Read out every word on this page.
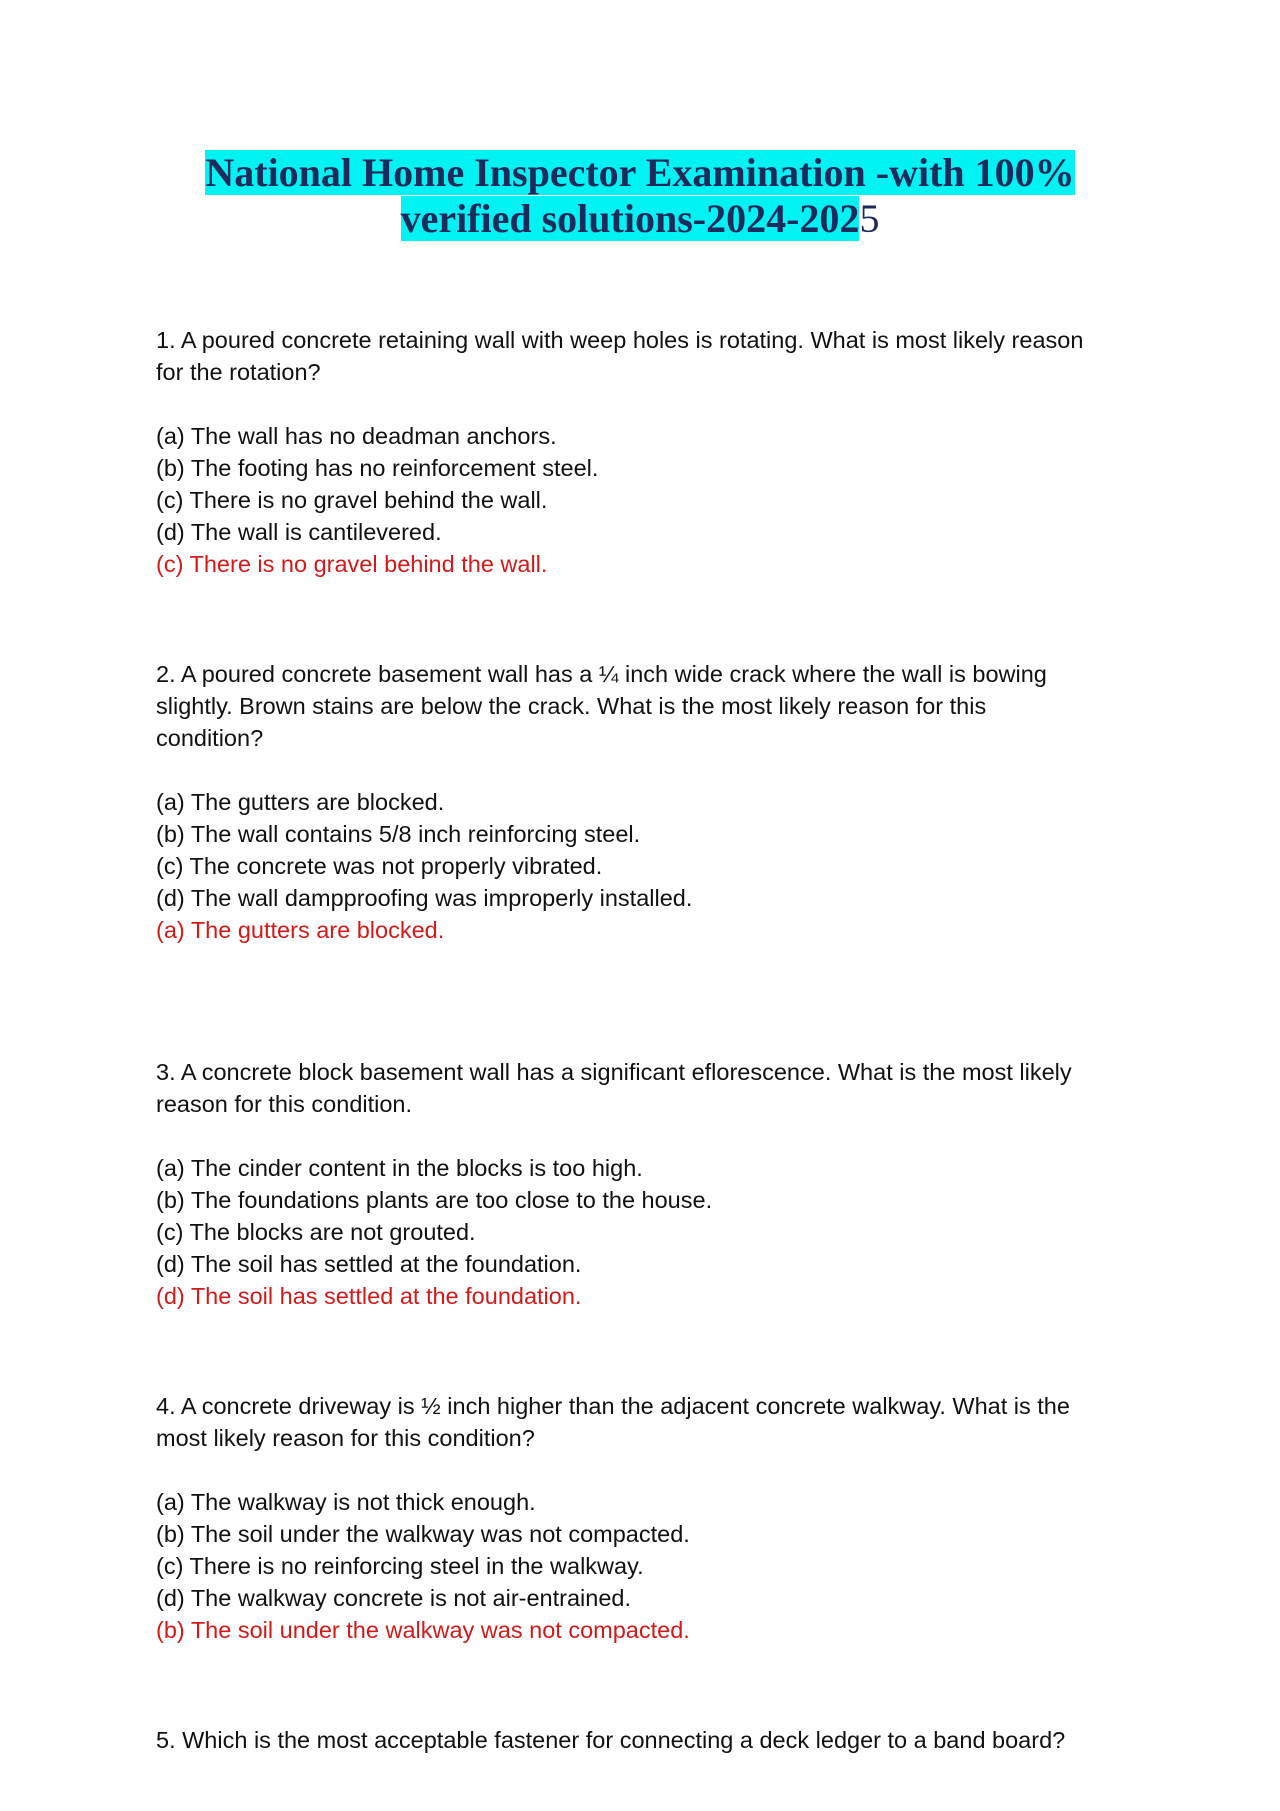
National Home Inspector Examination -with 100%
verified solutions-2024-2025

1. A poured concrete retaining wall with weep holes is rotating. What is most likely reason for the rotation?

(a) The wall has no deadman anchors.
(b) The footing has no reinforcement steel.
(c) There is no gravel behind the wall.
(d) The wall is cantilevered.
(c) There is no gravel behind the wall.

2. A poured concrete basement wall has a ¼ inch wide crack where the wall is bowing slightly. Brown stains are below the crack. What is the most likely reason for this condition?

(a) The gutters are blocked.
(b) The wall contains 5/8 inch reinforcing steel.
(c) The concrete was not properly vibrated.
(d) The wall dampproofing was improperly installed.
(a) The gutters are blocked.

3. A concrete block basement wall has a significant eflorescence. What is the most likely reason for this condition.

(a) The cinder content in the blocks is too high.
(b) The foundations plants are too close to the house.
(c) The blocks are not grouted.
(d) The soil has settled at the foundation.
(d) The soil has settled at the foundation.

4. A concrete driveway is ½ inch higher than the adjacent concrete walkway. What is the most likely reason for this condition?

(a) The walkway is not thick enough.
(b) The soil under the walkway was not compacted.
(c) There is no reinforcing steel in the walkway.
(d) The walkway concrete is not air-entrained.
(b) The soil under the walkway was not compacted.

5. Which is the most acceptable fastener for connecting a deck ledger to a band board?
